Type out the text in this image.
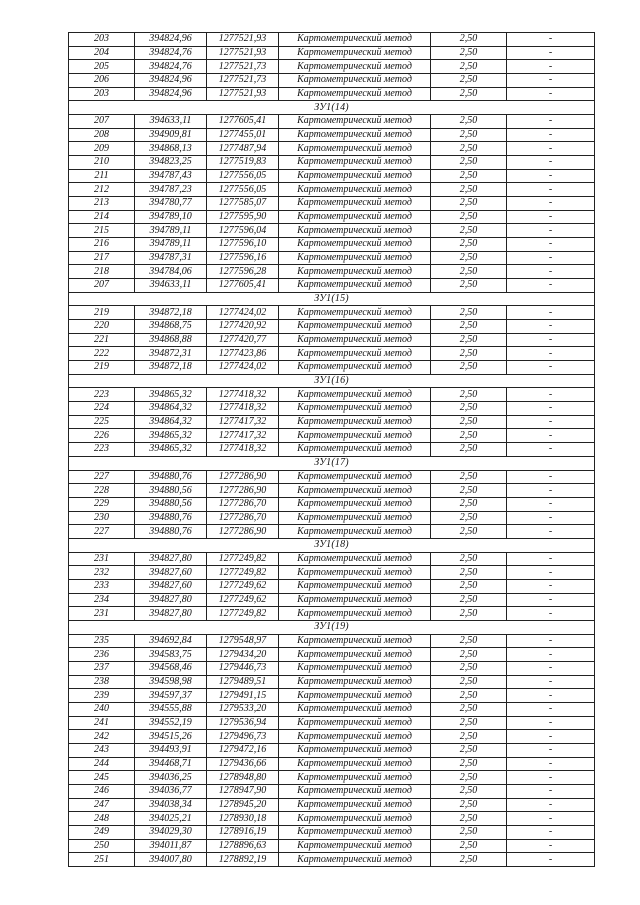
203	394824,96	1277521,93	Картометрический метод	2,50	-
204	394824,76	1277521,93	Картометрический метод	2,50	-
205	394824,76	1277521,73	Картометрический метод	2,50	-
206	394824,96	1277521,73	Картометрический метод	2,50	-
203	394824,96	1277521,93	Картометрический метод	2,50	-
ЗУ1(14)					
207	394633,11	1277605,41	Картометрический метод	2,50	-
208	394909,81	1277455,01	Картометрический метод	2,50	-
209	394868,13	1277487,94	Картометрический метод	2,50	-
210	394823,25	1277519,83	Картометрический метод	2,50	-
211	394787,43	1277556,05	Картометрический метод	2,50	-
212	394787,23	1277556,05	Картометрический метод	2,50	-
213	394780,77	1277585,07	Картометрический метод	2,50	-
214	394789,10	1277595,90	Картометрический метод	2,50	-
215	394789,11	1277596,04	Картометрический метод	2,50	-
216	394789,11	1277596,10	Картометрический метод	2,50	-
217	394787,31	1277596,16	Картометрический метод	2,50	-
218	394784,06	1277596,28	Картометрический метод	2,50	-
207	394633,11	1277605,41	Картометрический метод	2,50	-
ЗУ1(15)					
219	394872,18	1277424,02	Картометрический метод	2,50	-
220	394868,75	1277420,92	Картометрический метод	2,50	-
221	394868,88	1277420,77	Картометрический метод	2,50	-
222	394872,31	1277423,86	Картометрический метод	2,50	-
219	394872,18	1277424,02	Картометрический метод	2,50	-
ЗУ1(16)					
223	394865,32	1277418,32	Картометрический метод	2,50	-
224	394864,32	1277418,32	Картометрический метод	2,50	-
225	394864,32	1277417,32	Картометрический метод	2,50	-
226	394865,32	1277417,32	Картометрический метод	2,50	-
223	394865,32	1277418,32	Картометрический метод	2,50	-
ЗУ1(17)					
227	394880,76	1277286,90	Картометрический метод	2,50	-
228	394880,56	1277286,90	Картометрический метод	2,50	-
229	394880,56	1277286,70	Картометрический метод	2,50	-
230	394880,76	1277286,70	Картометрический метод	2,50	-
227	394880,76	1277286,90	Картометрический метод	2,50	-
ЗУ1(18)					
231	394827,80	1277249,82	Картометрический метод	2,50	-
232	394827,60	1277249,82	Картометрический метод	2,50	-
233	394827,60	1277249,62	Картометрический метод	2,50	-
234	394827,80	1277249,62	Картометрический метод	2,50	-
231	394827,80	1277249,82	Картометрический метод	2,50	-
ЗУ1(19)					
235	394692,84	1279548,97	Картометрический метод	2,50	-
236	394583,75	1279434,20	Картометрический метод	2,50	-
237	394568,46	1279446,73	Картометрический метод	2,50	-
238	394598,98	1279489,51	Картометрический метод	2,50	-
239	394597,37	1279491,15	Картометрический метод	2,50	-
240	394555,88	1279533,20	Картометрический метод	2,50	-
241	394552,19	1279536,94	Картометрический метод	2,50	-
242	394515,26	1279496,73	Картометрический метод	2,50	-
243	394493,91	1279472,16	Картометрический метод	2,50	-
244	394468,71	1279436,66	Картометрический метод	2,50	-
245	394036,25	1278948,80	Картометрический метод	2,50	-
246	394036,77	1278947,90	Картометрический метод	2,50	-
247	394038,34	1278945,20	Картометрический метод	2,50	-
248	394025,21	1278930,18	Картометрический метод	2,50	-
249	394029,30	1278916,19	Картометрический метод	2,50	-
250	394011,87	1278896,63	Картометрический метод	2,50	-
251	394007,80	1278892,19	Картометрический метод	2,50	-
